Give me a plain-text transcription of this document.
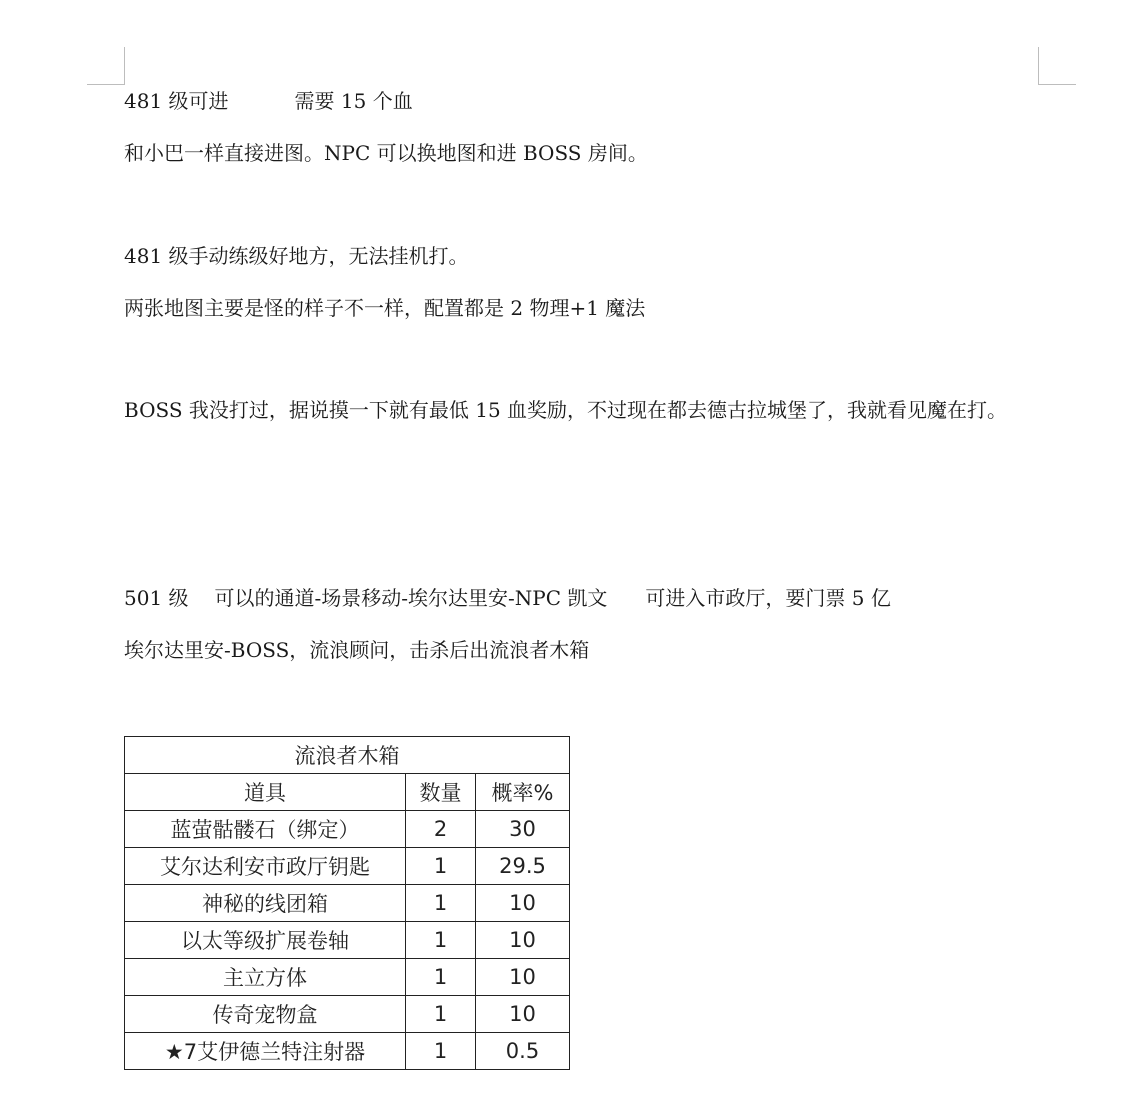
481 级可进	需要 15 个血
和小巴一样直接进图。NPC 可以换地图和进 BOSS 房间。
481 级手动练级好地方，无法挂机打。
两张地图主要是怪的样子不一样，配置都是 2 物理+1 魔法
BOSS 我没打过，据说摸一下就有最低 15 血奖励，不过现在都去德古拉城堡了，我就看见魔在打。
501 级 可以的通道-场景移动-埃尔达里安-NPC 凯文 可进入市政厅，要门票 5 亿
埃尔达里安-BOSS，流浪顾问，击杀后出流浪者木箱
流浪者木箱		
道具	数量	概率%
蓝萤骷髅石（绑定）	2	30
艾尔达利安市政厅钥匙	1	29.5
神秘的线团箱	1	10
以太等级扩展卷轴	1	10
主立方体	1	10
传奇宠物盒	1	10
★7艾伊德兰特注射器	1	0.5
